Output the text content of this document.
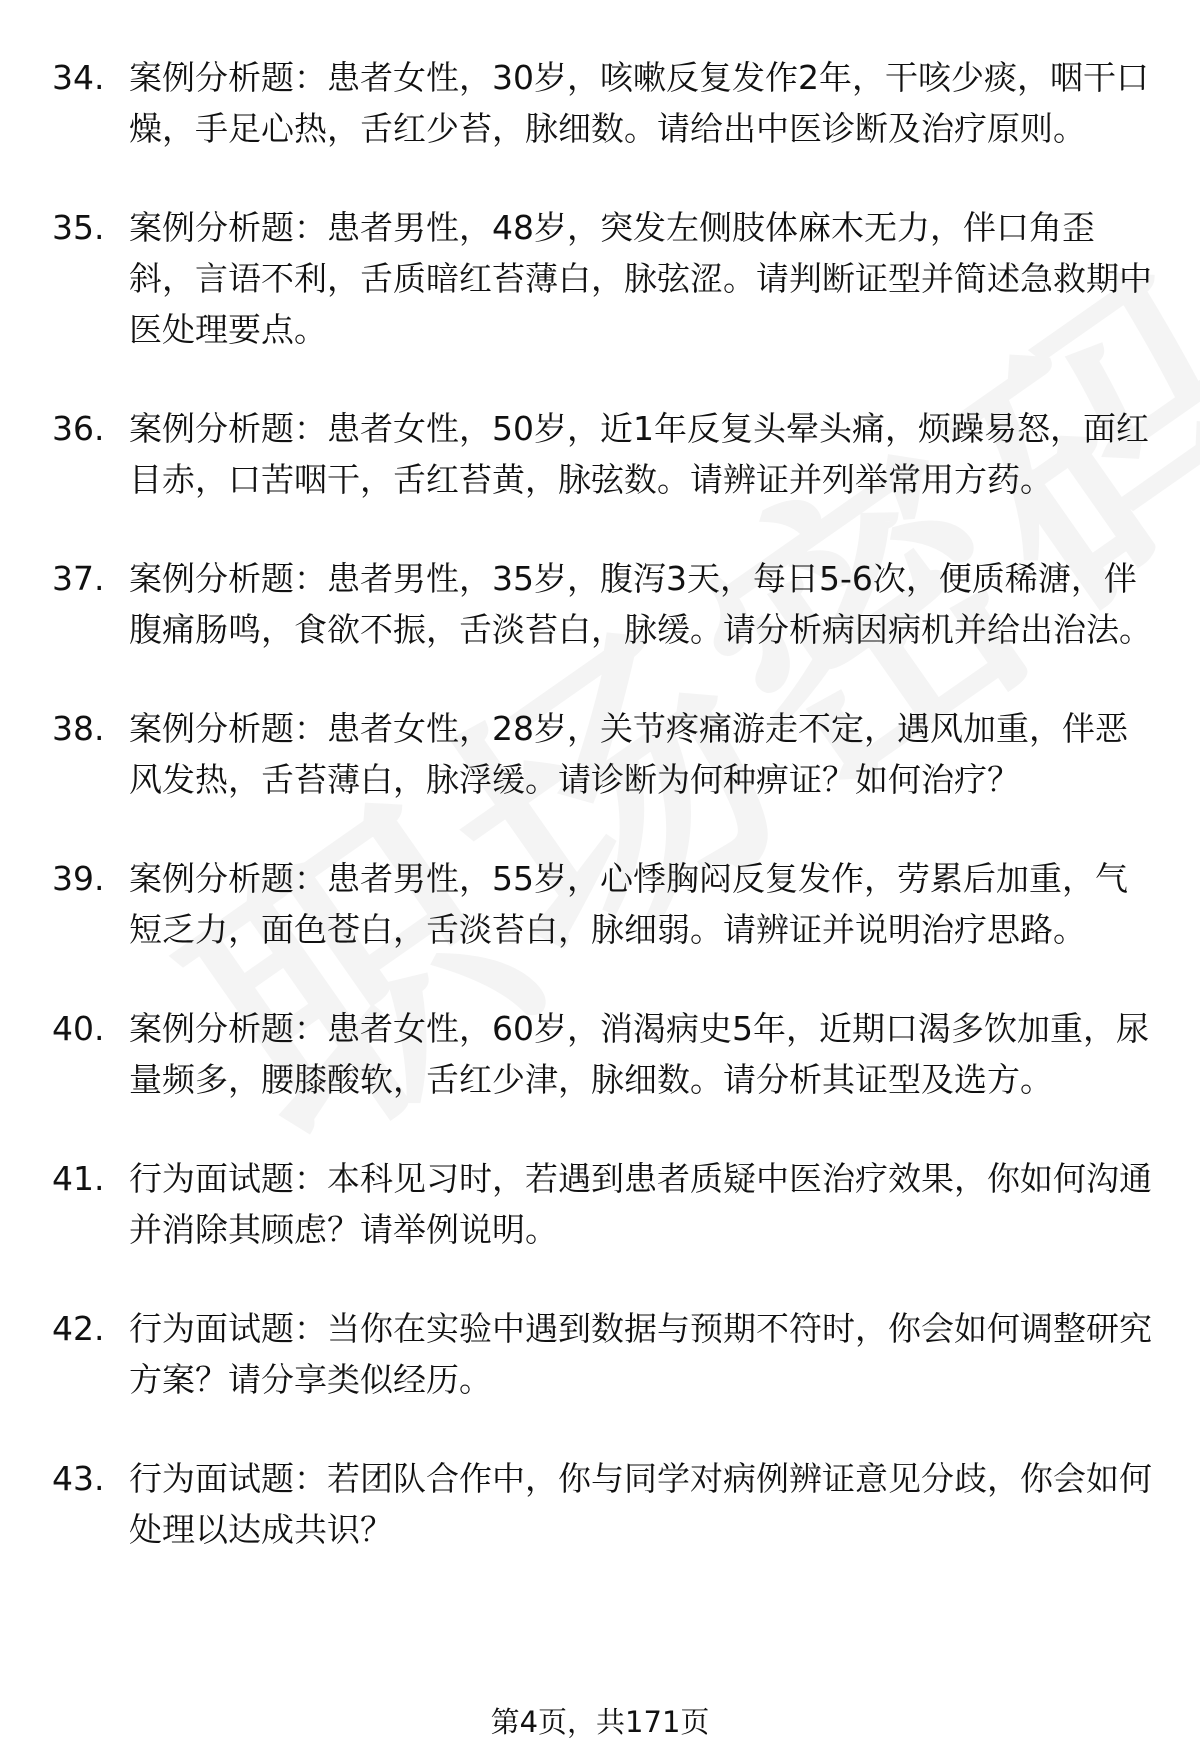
34. 案例分析题：患者女性，30岁，咳嗽反复发作2年，干咳少痰，咽干口燥，手足心热，舌红少苔，脉细数。请给出中医诊断及治疗原则。
35. 案例分析题：患者男性，48岁，突发左侧肢体麻木无力，伴口角歪斜，言语不利，舌质暗红苔薄白，脉弦涩。请判断证型并简述急救期中医处理要点。
36. 案例分析题：患者女性，50岁，近1年反复头晕头痛，烦躁易怒，面红目赤，口苦咽干，舌红苔黄，脉弦数。请辨证并列举常用方药。
37. 案例分析题：患者男性，35岁，腹泻3天，每日5-6次，便质稀溏，伴腹痛肠鸣，食欲不振，舌淡苔白，脉缓。请分析病因病机并给出治法。
38. 案例分析题：患者女性，28岁，关节疼痛游走不定，遇风加重，伴恶风发热，舌苔薄白，脉浮缓。请诊断为何种痹证？如何治疗？
39. 案例分析题：患者男性，55岁，心悸胸闷反复发作，劳累后加重，气短乏力，面色苍白，舌淡苔白，脉细弱。请辨证并说明治疗思路。
40. 案例分析题：患者女性，60岁，消渴病史5年，近期口渴多饮加重，尿量频多，腰膝酸软，舌红少津，脉细数。请分析其证型及选方。
41. 行为面试题：本科见习时，若遇到患者质疑中医治疗效果，你如何沟通并消除其顾虑？请举例说明。
42. 行为面试题：当你在实验中遇到数据与预期不符时，你会如何调整研究方案？请分享类似经历。
43. 行为面试题：若团队合作中，你与同学对病例辨证意见分歧，你会如何处理以达成共识？
第4页，共171页
